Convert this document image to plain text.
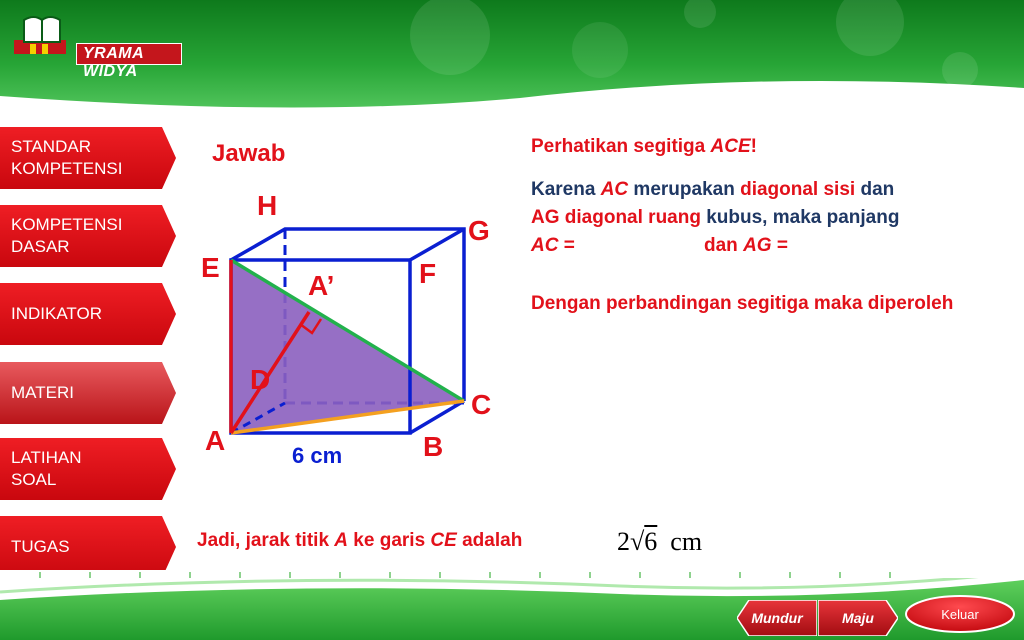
YRAMA WIDYA
STANDAR
KOMPETENSI
KOMPETENSI
DASAR
INDIKATOR
MATERI
LATIHAN
SOAL
TUGAS
Jawab
H
G
E	F
A’
D
C
A	B
6 cm
Perhatikan segitiga ACE!
Karena AC merupakan diagonal sisi dan
AG diagonal ruang kubus, maka panjang
AC =	dan AG =
Dengan perbandingan segitiga maka diperoleh
Jadi, jarak titik A ke garis CE adalah	2√6 cm
Mundur	Maju	Keluar
